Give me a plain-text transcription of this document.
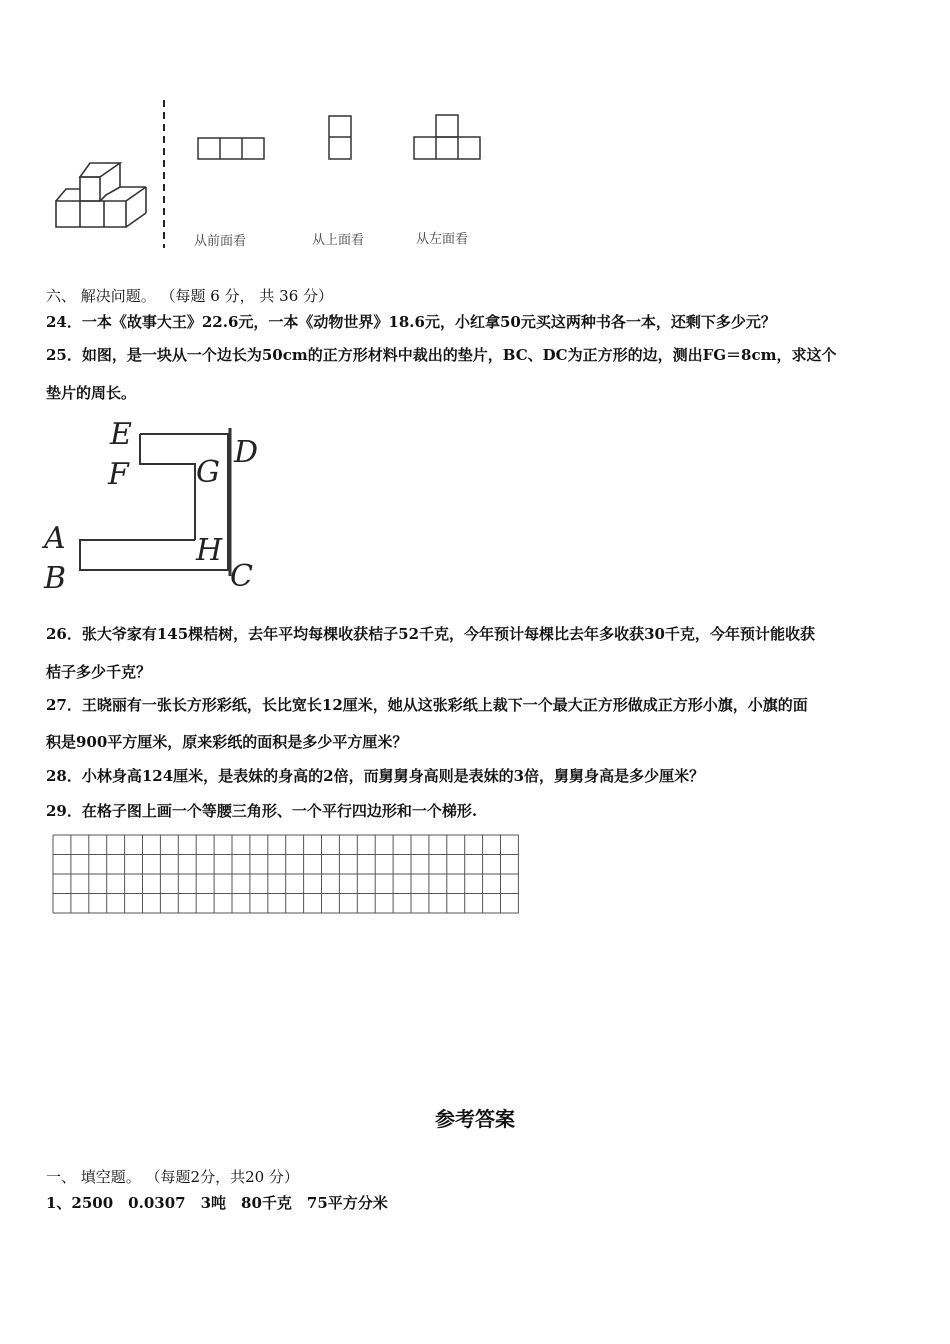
从前面看	从上面看	从左面看
六、 解决问题。 （每题 6 分， 共 36 分）
24．一本《故事大王》22.6元，一本《动物世界》18.6元，小红拿50元买这两种书各一本，还剩下多少元？
25．如图，是一块从一个边长为50cm的正方形材料中裁出的垫片，BC、DC为正方形的边，测出FG＝8cm，求这个
垫片的周长。
E
F G
D
A
B
H
C
26．张大爷家有145棵桔树，去年平均每棵收获桔子52千克，今年预计每棵比去年多收获30千克，今年预计能收获
桔子多少千克？
27．王晓丽有一张长方形彩纸，长比宽长12厘米，她从这张彩纸上裁下一个最大正方形做成正方形小旗，小旗的面
积是900平方厘米，原来彩纸的面积是多少平方厘米？
28．小林身高124厘米，是表妹的身高的2倍，而舅舅身高则是表妹的3倍，舅舅身高是多少厘米？
29．在格子图上画一个等腰三角形、一个平行四边形和一个梯形.
参考答案
一、 填空题。 （每题2分，共20 分）
1、2500　0.0307　3吨　80千克　75平方分米
